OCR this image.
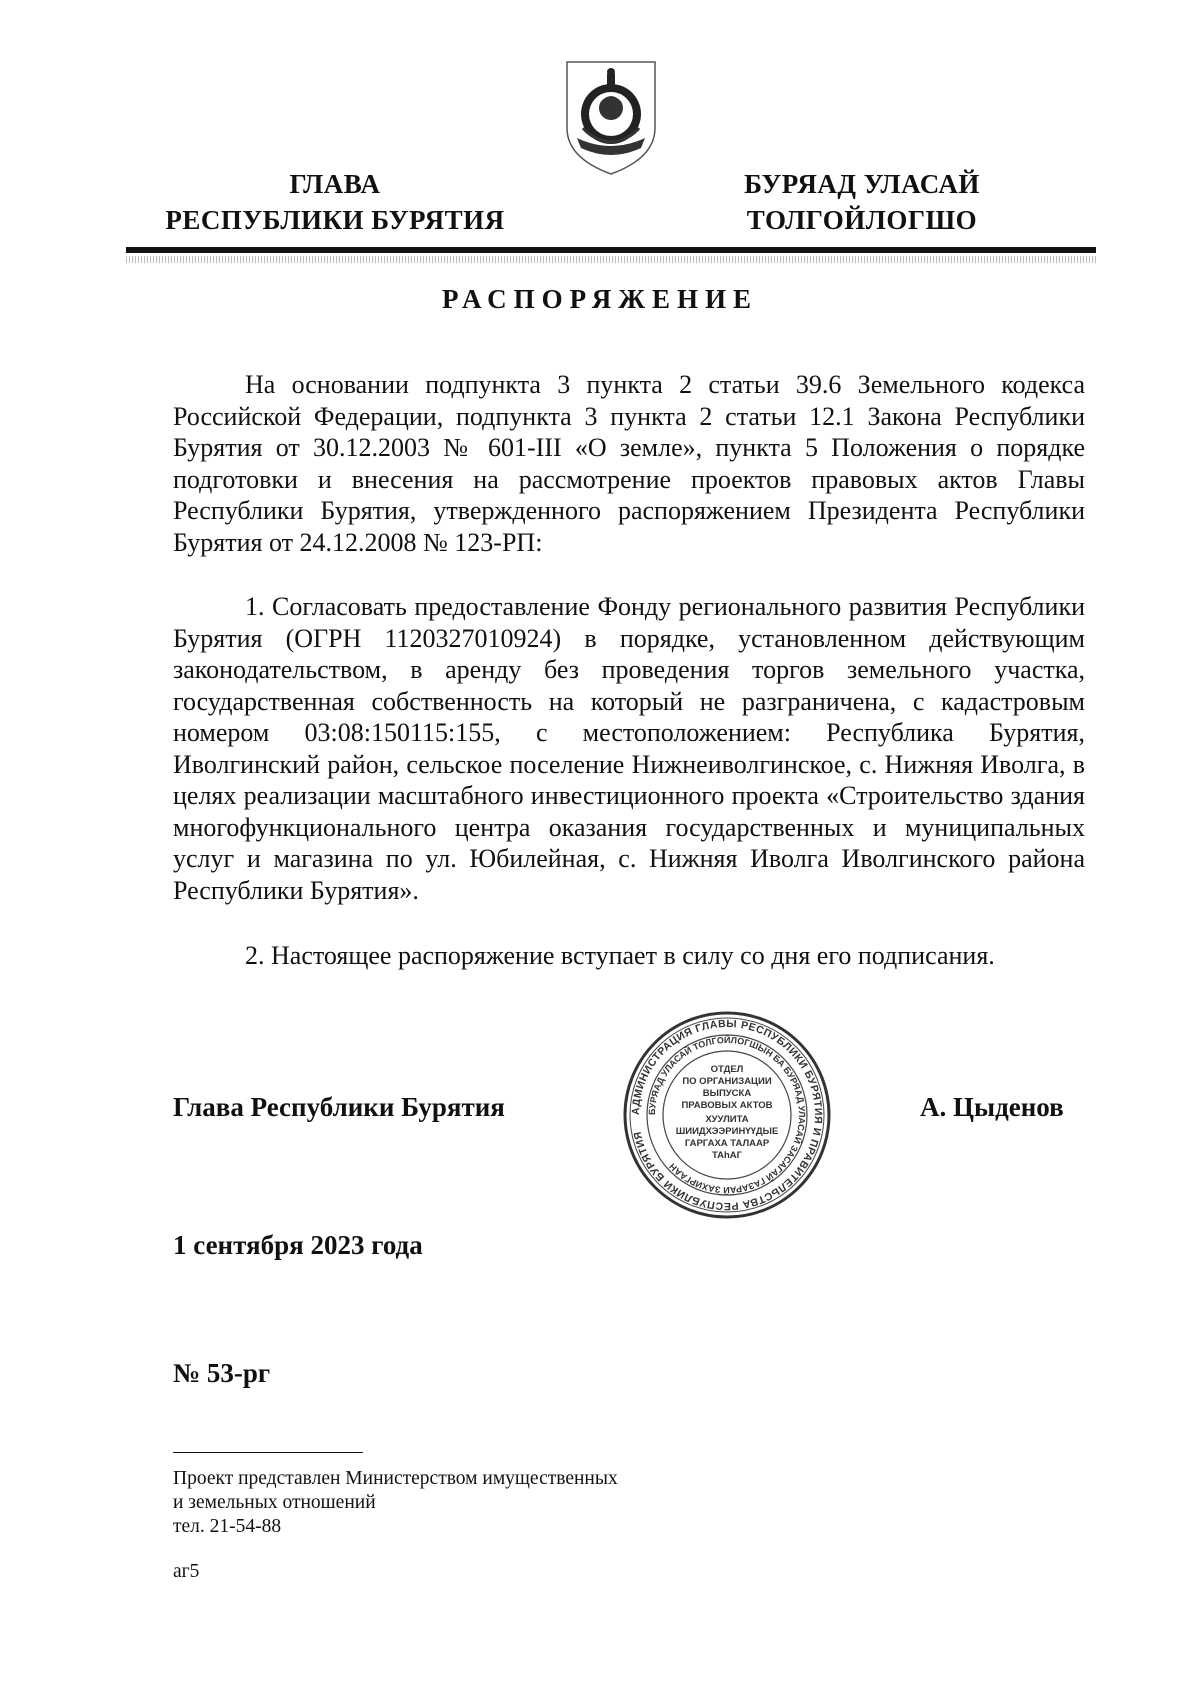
ГЛАВА
РЕСПУБЛИКИ БУРЯТИЯ
БУРЯАД УЛАСАЙ
ТОЛГОЙЛОГШО
РАСПОРЯЖЕНИЕ

На основании подпункта 3 пункта 2 статьи 39.6 Земельного кодекса Российской Федерации, подпункта 3 пункта 2 статьи 12.1 Закона Республики Бурятия от 30.12.2003 № 601-III «О земле», пункта 5 Положения о порядке подготовки и внесения на рассмотрение проектов правовых актов Главы Республики Бурятия, утвержденного распоряжением Президента Республики Бурятия от 24.12.2008 № 123-РП:

1. Согласовать предоставление Фонду регионального развития Республики Бурятия (ОГРН 1120327010924) в порядке, установленном действующим законодательством, в аренду без проведения торгов земельного участка, государственная собственность на который не разграничена, с кадастровым номером 03:08:150115:155, с местоположением: Республика Бурятия, Иволгинский район, сельское поселение Нижнеиволгинское, с. Нижняя Иволга, в целях реализации масштабного инвестиционного проекта «Строительство здания многофункционального центра оказания государственных и муниципальных услуг и магазина по ул. Юбилейная, с. Нижняя Иволга Иволгинского района Республики Бурятия».

2. Настоящее распоряжение вступает в силу со дня его подписания.

Глава Республики Бурятия	А. Цыденов
АДМИНИСТРАЦИЯ ГЛАВЫ РЕСПУБЛИКИ БУРЯТИЯ И ПРАВИТЕЛЬСТВА РЕСПУБЛИКИ БУРЯТИЯ
БУРЯАД УЛАСАЙ ТОЛГОЙЛОГШЫН БА БУРЯАД УЛАСАЙ ЗАСАГАЙ ГАЗАРАЙ ЗАХИРГААН
ОТДЕЛ
ПО ОРГАНИЗАЦИИ
ВЫПУСКА
ПРАВОВЫХ АКТОВ
ХУУЛИТА
ШИИДХЭЭРИНҮҮДЫЕ
ГАРГАХА ТАЛААР
ТАһАГ
1 сентября 2023 года
№ 53-рг
Проект представлен Министерством имущественных
и земельных отношений
тел. 21-54-88
аг5
